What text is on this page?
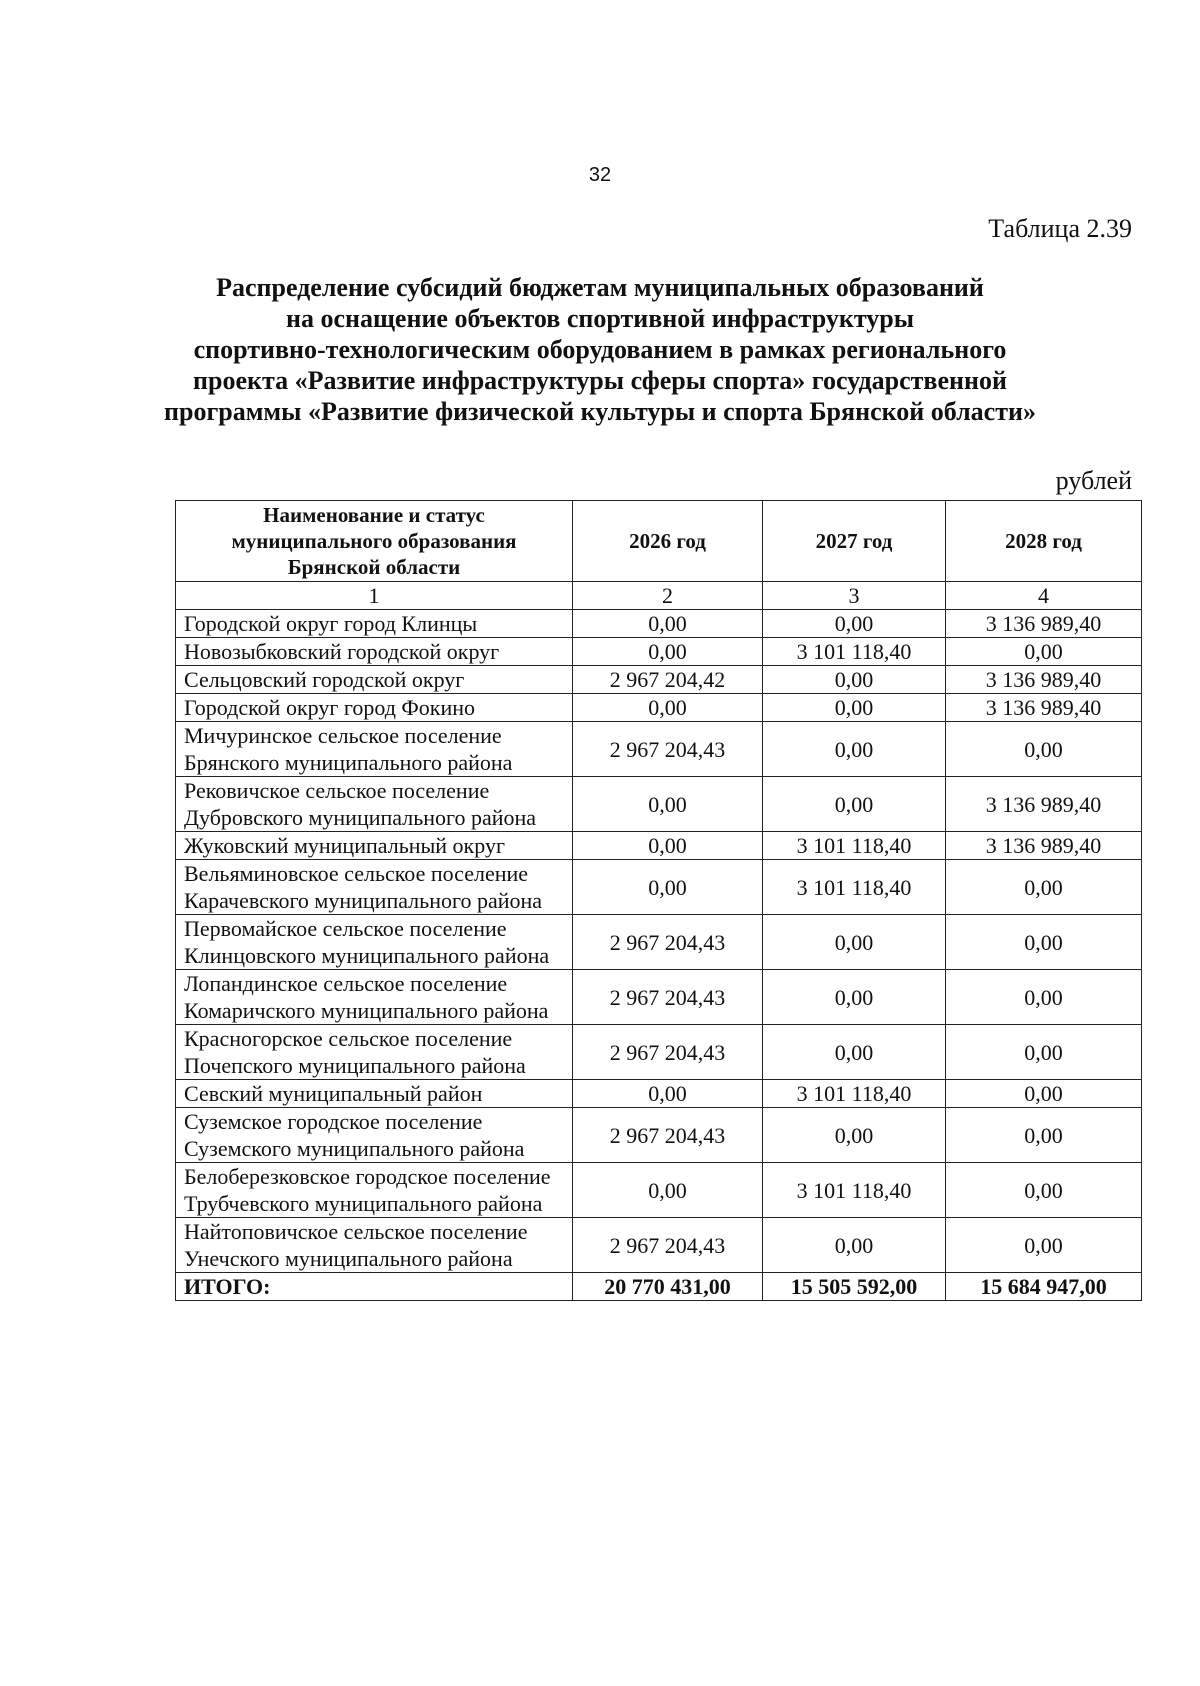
32
Таблица 2.39
Распределение субсидий бюджетам муниципальных образований
на оснащение объектов спортивной инфраструктуры
спортивно-технологическим оборудованием в рамках регионального
проекта «Развитие инфраструктуры сферы спорта» государственной
программы «Развитие физической культуры и спорта Брянской области»
рублей
Наименование и статус муниципального образования Брянской области	2026 год	2027 год	2028 год
1	2	3	4
Городской округ город Клинцы	0,00	0,00	3 136 989,40
Новозыбковский городской округ	0,00	3 101 118,40	0,00
Сельцовский городской округ	2 967 204,42	0,00	3 136 989,40
Городской округ город Фокино	0,00	0,00	3 136 989,40
Мичуринское сельское поселение Брянского муниципального района	2 967 204,43	0,00	0,00
Рековичское сельское поселение Дубровского муниципального района	0,00	0,00	3 136 989,40
Жуковский муниципальный округ	0,00	3 101 118,40	3 136 989,40
Вельяминовское сельское поселение Карачевского муниципального района	0,00	3 101 118,40	0,00
Первомайское сельское поселение Клинцовского муниципального района	2 967 204,43	0,00	0,00
Лопандинское сельское поселение Комаричского муниципального района	2 967 204,43	0,00	0,00
Красногорское сельское поселение Почепского муниципального района	2 967 204,43	0,00	0,00
Севский муниципальный район	0,00	3 101 118,40	0,00
Суземское городское поселение Суземского муниципального района	2 967 204,43	0,00	0,00
Белоберезковское городское поселение Трубчевского муниципального района	0,00	3 101 118,40	0,00
Найтоповичское сельское поселение Унечского муниципального района	2 967 204,43	0,00	0,00
ИТОГО:	20 770 431,00	15 505 592,00	15 684 947,00
